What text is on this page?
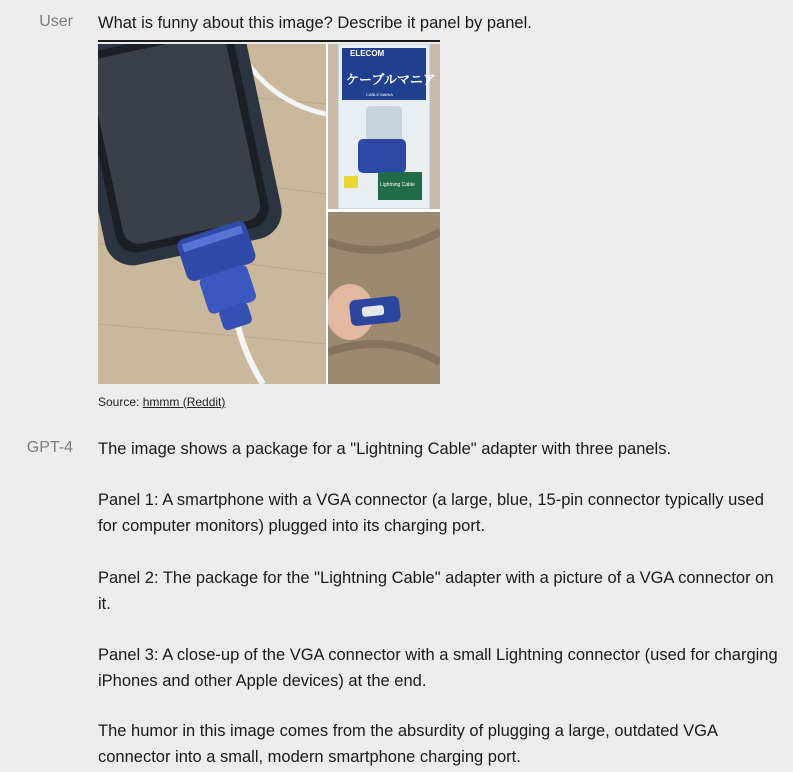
User What is funny about this image? Describe it panel by panel.
ELECOM
ケーブルマニア
CABLE MANIA
Lightning Cable
Source: hmmm (Reddit)
GPT-4 The image shows a package for a "Lightning Cable" adapter with three panels.
Panel 1: A smartphone with a VGA connector (a large, blue, 15-pin connector typically used for computer monitors) plugged into its charging port.
Panel 2: The package for the "Lightning Cable" adapter with a picture of a VGA connector on it.
Panel 3: A close-up of the VGA connector with a small Lightning connector (used for charging iPhones and other Apple devices) at the end.
The humor in this image comes from the absurdity of plugging a large, outdated VGA connector into a small, modern smartphone charging port.
